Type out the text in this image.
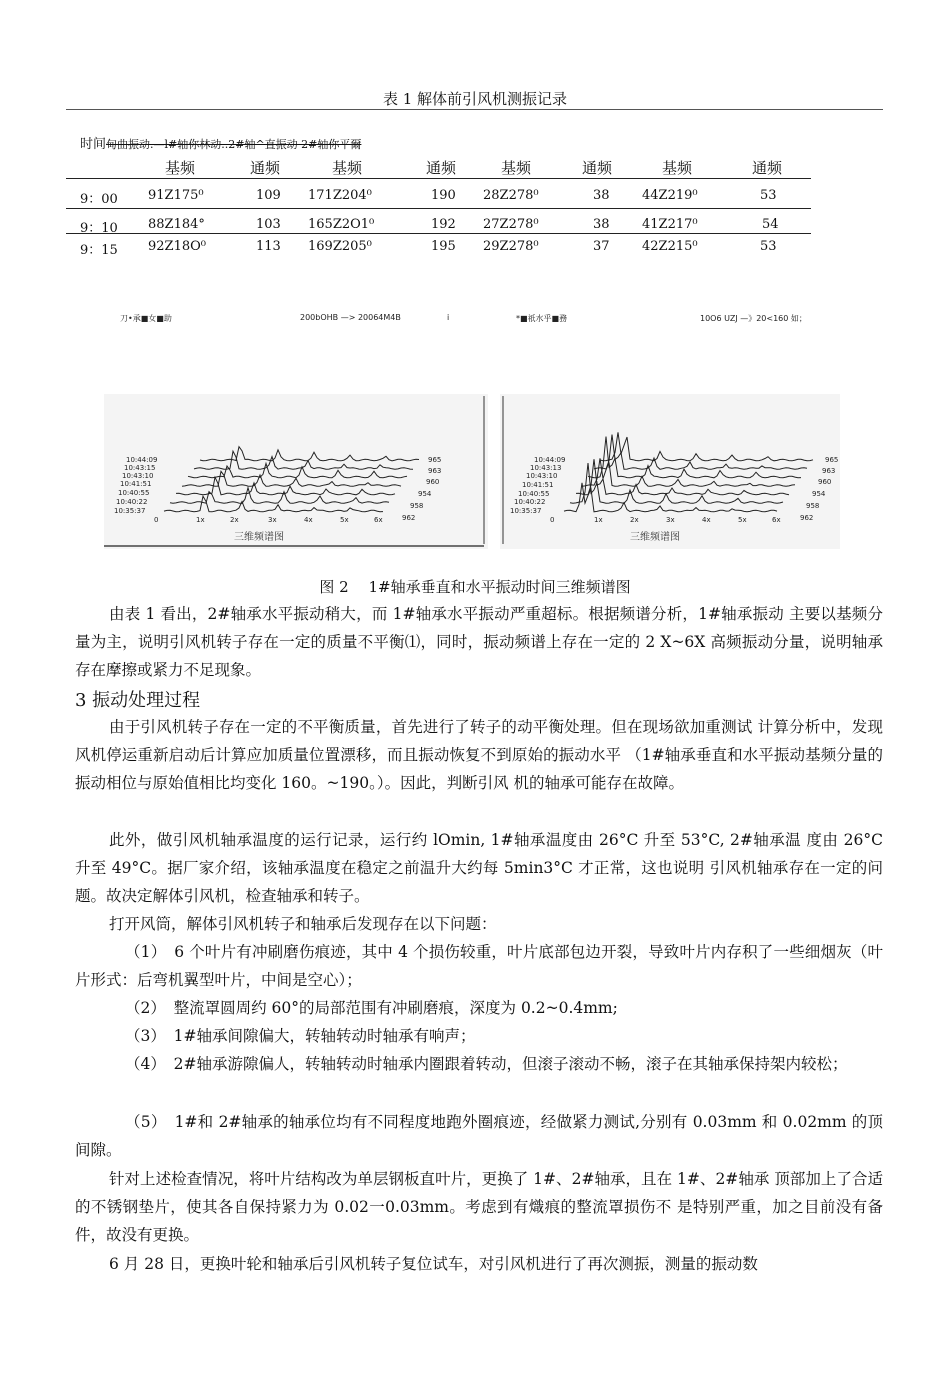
表 1 解体前引风机测振记录
时间甸曲振动.—l#轴你林动..2#轴^直振动 2#轴你平爾
基频	通频	基频	通频	基频	通频	基频	通频
9：00 91Z175⁰	109 171Z204⁰	190 28Z278⁰	38 44Z219⁰	53
9：10 88Z184°	103 165Z2O1⁰	192 27Z278⁰	38 41Z217⁰	54
9：15 92Z18O⁰	113 169Z205⁰	195 29Z278⁰	37 42Z215⁰	53
刀•承■女■助	200bOHB —> 20064M4B	i	*■祇水乎■務	10O6 UZJ —》20<160 如；
10:44:09
10:43:15
10:43:10
10:41:51
10:40:55
10:40:22
10:35:37
965
963
960
954
958
962
0	1x	2x	3x	4x	5x	6x
三维频谱图
10:44:09
10:43:13
10:43:10
10:41:51
10:40:55
10:40:22
10:35:37
965
963
960
954
958
962
0	1x	2x	3x	4x	5x	6x
三维频谱图
图 2　 1#轴承垂直和水平振动时间三维频谱图
由表 1 看出，2#轴承水平振动稍大，而 1#轴承水平振动严重超标。根据频谱分析，1#轴承振动 主要以基频分量为主，说明引风机转子存在一定的质量不平衡⑴，同时，振动频谱上存在一定的 2 X~6X 高频振动分量，说明轴承存在摩擦或紧力不足现象。
3 振动处理过程
由于引风机转子存在一定的不平衡质量，首先进行了转子的动平衡处理。但在现场欲加重测试 计算分析中，发现风机停运重新启动后计算应加质量位置漂移，而且振动恢复不到原始的振动水平 （1#轴承垂直和水平振动基频分量的振动相位与原始值相比均变化 160。~190。）。因此，判断引风 机的轴承可能存在故障。
此外，做引风机轴承温度的运行记录，运行约 lOmin, 1#轴承温度由 26°C 升至 53°C, 2#轴承温 度由 26°C 升至 49°C。据厂家介绍，该轴承温度在稳定之前温升大约每 5min3°C 才正常，这也说明 引风机轴承存在一定的问题。故决定解体引风机，检查轴承和转子。
打开风筒，解体引风机转子和轴承后发现存在以下问题：
（1）　6 个叶片有冲刷磨伤痕迹，其中 4 个损伤较重，叶片底部包边开裂，导致叶片内存积了一些细烟灰（叶片形式：后弯机翼型叶片，中间是空心）；
（2）　整流罩圆周约 60°的局部范围有冲刷磨痕，深度为 0.2~0.4mm;
（3）　1#轴承间隙偏大，转轴转动时轴承有响声；
（4）　2#轴承游隙偏人，转轴转动时轴承内圈跟着转动，但滚子滚动不畅，滚子在其轴承保持架内较松；
（5）　1#和 2#轴承的轴承位均有不同程度地跑外圈痕迹，经做紧力测试,分别有 0.03mm 和 0.02mm 的顶间隙。
针对上述检查情况，将叶片结构改为单层钢板直叶片，更换了 1#、2#轴承，且在 1#、2#轴承 顶部加上了合适的不锈钢垫片，使其各自保持紧力为 0.02一0.03mm。考虑到有熾痕的整流罩损伤不 是特别严重，加之目前没有备件，故没有更换。
6 月 28 日，更换叶轮和轴承后引风机转子复位试车，对引风机进行了再次测振，测量的振动数
